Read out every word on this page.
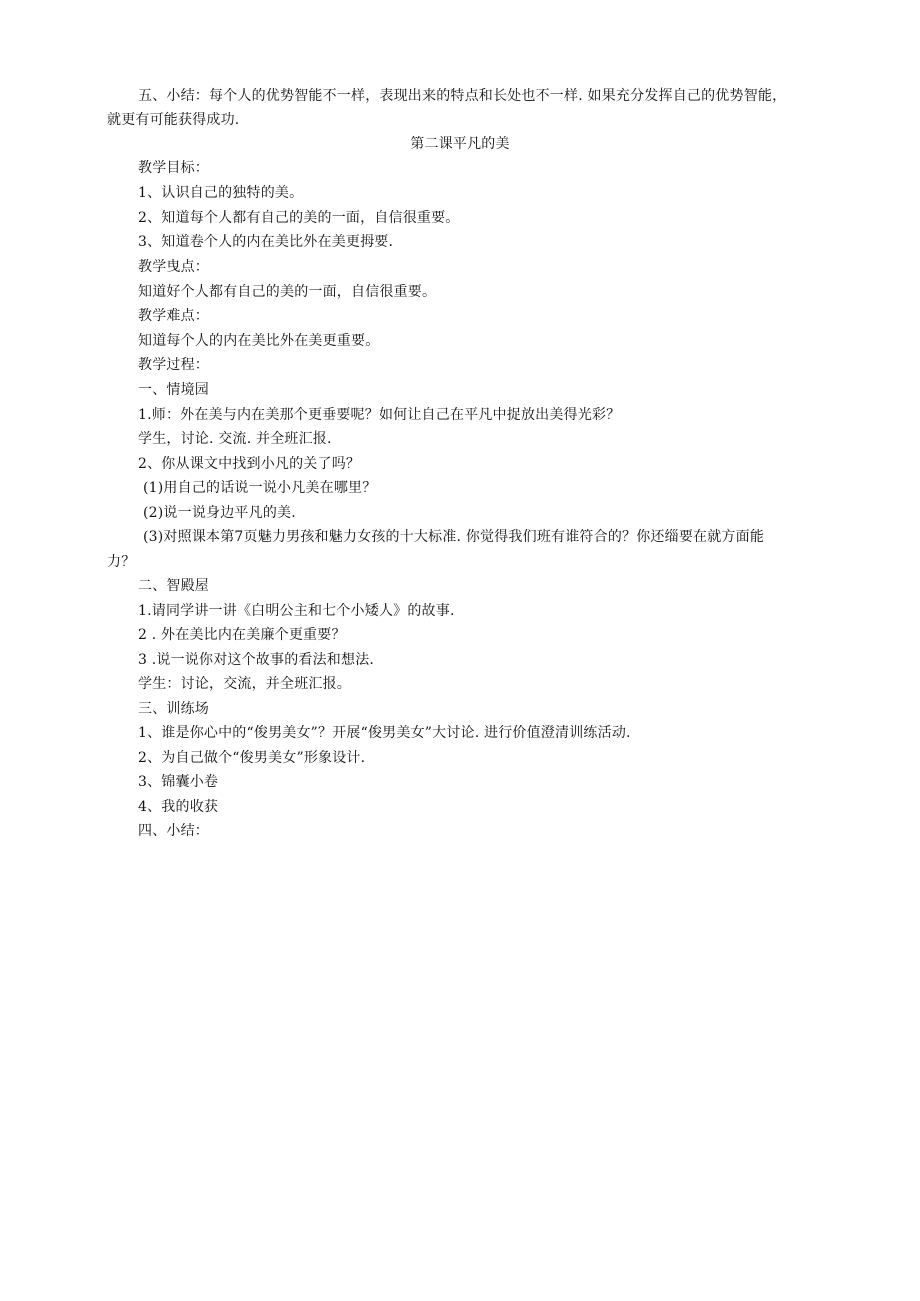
五、小结：每个人的优势智能不一样，表现出来的特点和长处也不一样. 如果充分发挥自己的优势智能，
就更有可能获得成功.
第二课平凡的美
教学目标：
1、认识自己的独特的美。
2、知道每个人都有自己的美的一面，自信很重要。
3、知道卷个人的内在美比外在美更拇要.
教学曳点：
知道好个人都有自己的美的一面，自信很重要。
教学难点：
知道每个人的内在美比外在美更重要。
教学过程：
一、情境园
1.师：外在美与内在美那个更垂要呢？如何让自己在平凡中捉放出美得光彩？
学生，讨论. 交流. 并全班汇报.
2、你从课文中找到小凡的关了吗？
(1)用自己的话说一说小凡美在哪里？
(2)说一说身边平凡的美.
(3)对照课本第7页魅力男孩和魅力女孩的十大标准. 你觉得我们班有谁符合的？你还缁要在就方面能
力？
二、智殿屋
1.请同学讲一讲《白明公主和七个小矮人》的故事.
2 . 外在美比内在美廉个更重要？
3 .说一说你对这个故事的看法和想法.
学生：讨论，交流，并全班汇报。
三、训练场
1、谁是你心中的“俊男美女”？开展“俊男美女”大讨论. 进行价值澄清训练活动.
2、为自己做个“俊男美女”形象设计.
3、锦囊小卷
4、我的收获
四、小结：
